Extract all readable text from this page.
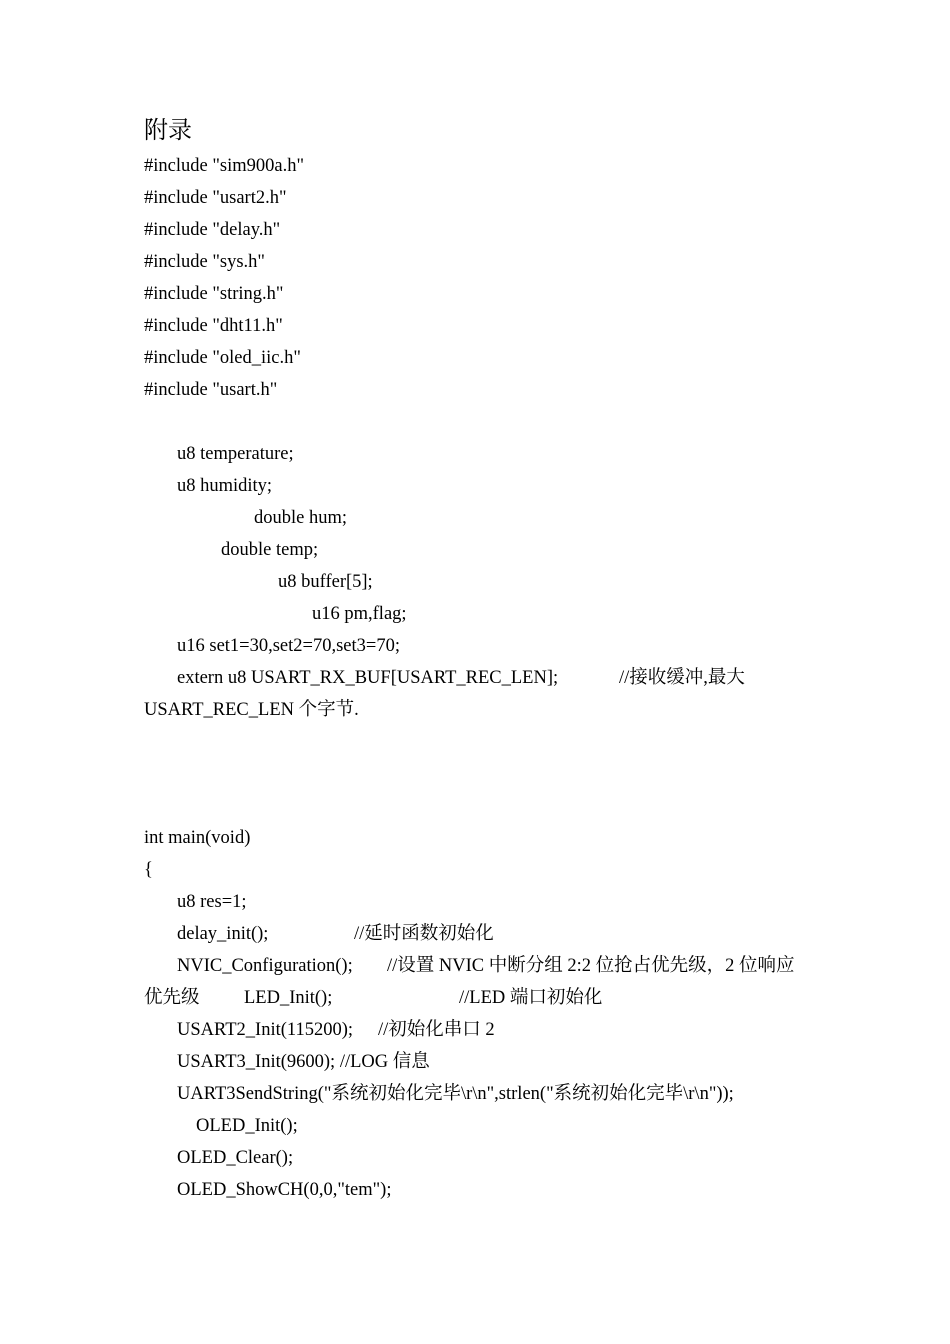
附录
#include "sim900a.h"
#include "usart2.h"
#include "delay.h"
#include "sys.h"
#include "string.h"
#include "dht11.h"
#include "oled_iic.h"
#include "usart.h"
u8 temperature;
u8 humidity;
double hum;
double temp;
u8 buffer[5];
u16 pm,flag;
u16 set1=30,set2=70,set3=70;
extern u8 USART_RX_BUF[USART_REC_LEN];	//接收缓冲,最大
USART_REC_LEN 个字节.
int main(void)
{
u8 res=1;
delay_init();	//延时函数初始化
NVIC_Configuration(); //设置 NVIC 中断分组 2:2 位抢占优先级，2 位响应
优先级 LED_Init();	//LED 端口初始化
USART2_Init(115200); //初始化串口 2
USART3_Init(9600); //LOG 信息
UART3SendString("系统初始化完毕\r\n",strlen("系统初始化完毕\r\n"));
OLED_Init();
OLED_Clear();
OLED_ShowCH(0,0,"tem");
